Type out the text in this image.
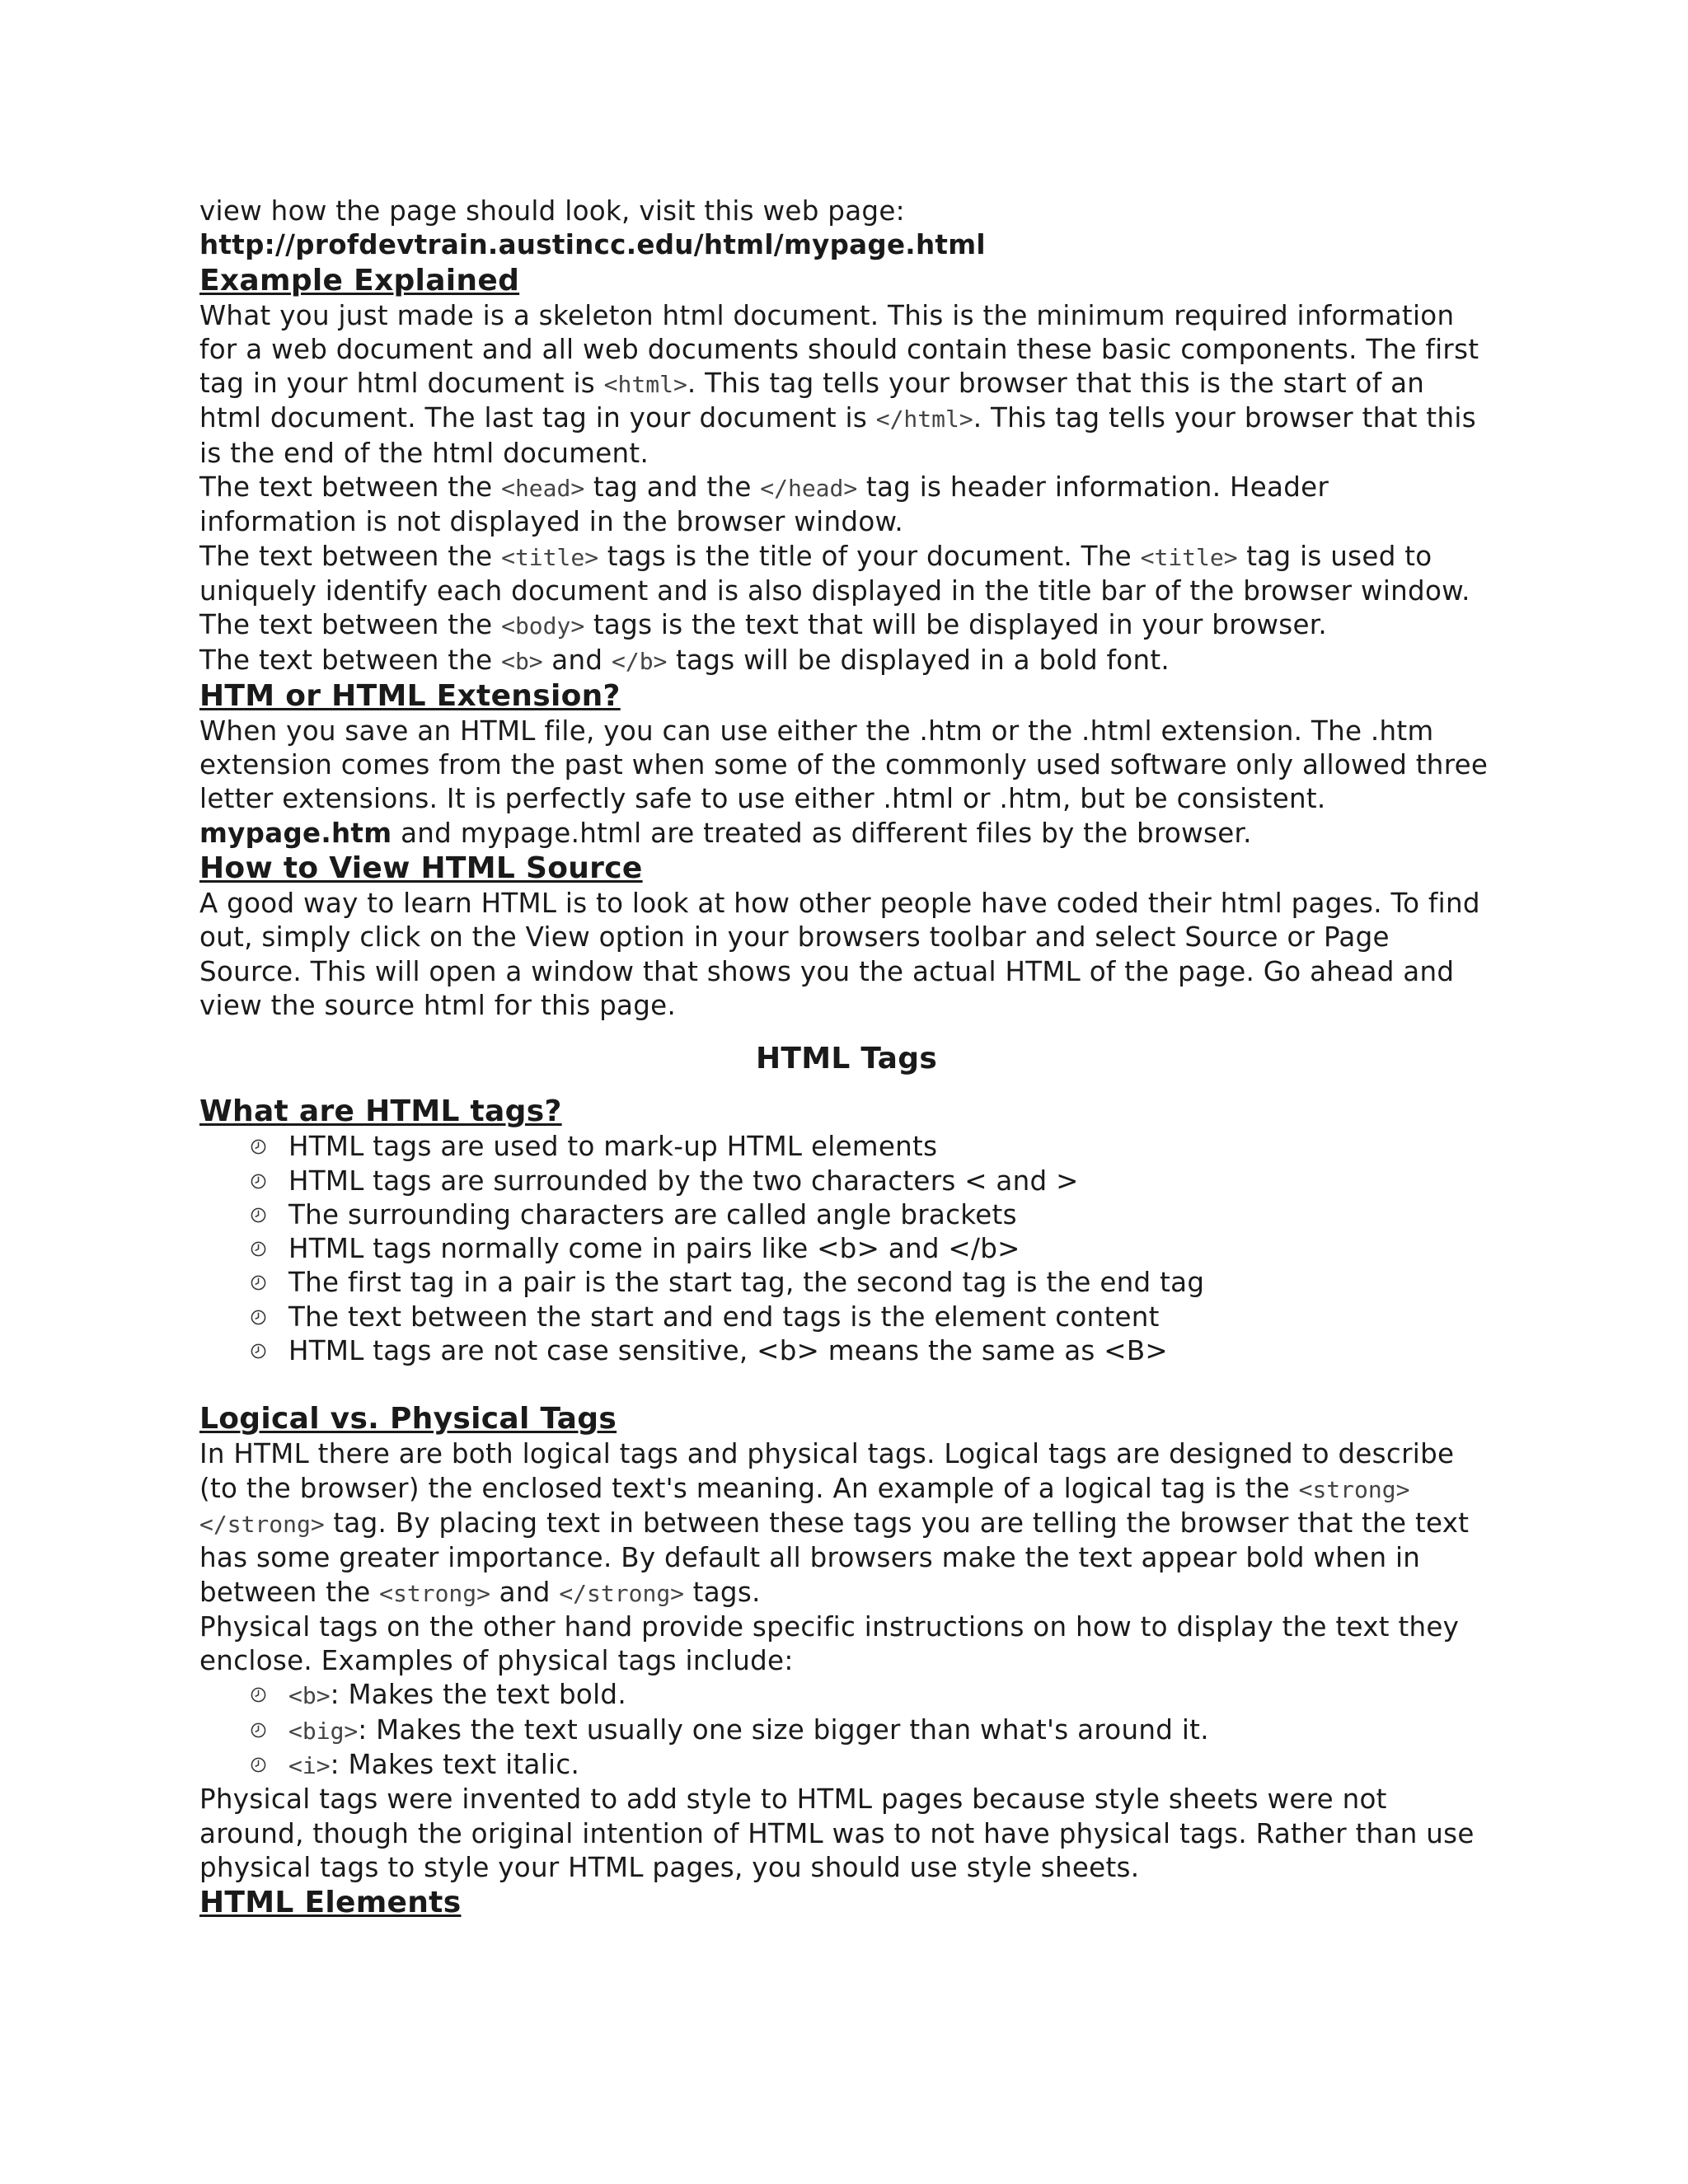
view how the page should look, visit this web page:

http://profdevtrain.austincc.edu/html/mypage.html

Example Explained

What you just made is a skeleton html document. This is the minimum required information for a web document and all web documents should contain these basic components. The first tag in your html document is <html>. This tag tells your browser that this is the start of an html document. The last tag in your document is </html>. This tag tells your browser that this is the end of the html document.

The text between the <head> tag and the </head> tag is header information. Header information is not displayed in the browser window.

The text between the <title> tags is the title of your document. The <title> tag is used to uniquely identify each document and is also displayed in the title bar of the browser window.

The text between the <body> tags is the text that will be displayed in your browser.

The text between the <b> and </b> tags will be displayed in a bold font.

HTM or HTML Extension?

When you save an HTML file, you can use either the .htm or the .html extension. The .htm extension comes from the past when some of the commonly used software only allowed three letter extensions. It is perfectly safe to use either .html or .htm, but be consistent.
mypage.htm and mypage.html are treated as different files by the browser.

How to View HTML Source

A good way to learn HTML is to look at how other people have coded their html pages. To find out, simply click on the View option in your browsers toolbar and select Source or Page Source. This will open a window that shows you the actual HTML of the page. Go ahead and view the source html for this page.

HTML Tags
What are HTML tags?
HTML tags are used to mark-up HTML elements
HTML tags are surrounded by the two characters < and >
The surrounding characters are called angle brackets
HTML tags normally come in pairs like <b> and </b>
The first tag in a pair is the start tag, the second tag is the end tag
The text between the start and end tags is the element content
HTML tags are not case sensitive, <b> means the same as <B>
Logical vs. Physical Tags

In HTML there are both logical tags and physical tags. Logical tags are designed to describe (to the browser) the enclosed text's meaning. An example of a logical tag is the <strong> </strong> tag. By placing text in between these tags you are telling the browser that the text has some greater importance. By default all browsers make the text appear bold when in between the <strong> and </strong> tags.

Physical tags on the other hand provide specific instructions on how to display the text they enclose. Examples of physical tags include:

<b>: Makes the text bold.
<big>: Makes the text usually one size bigger than what's around it.
<i>: Makes text italic.

Physical tags were invented to add style to HTML pages because style sheets were not around, though the original intention of HTML was to not have physical tags. Rather than use physical tags to style your HTML pages, you should use style sheets.

HTML Elements
